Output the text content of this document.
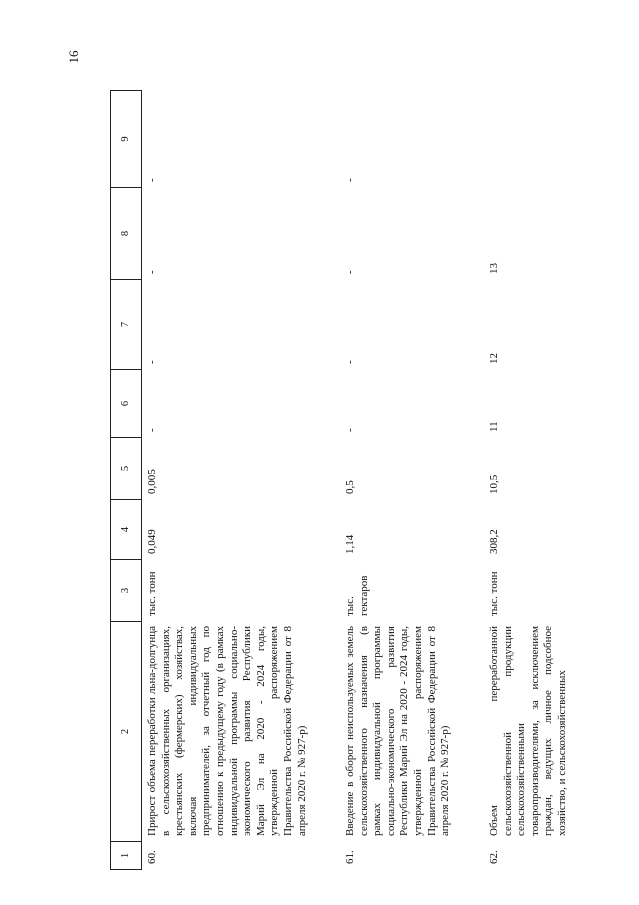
16
1
2
3
4
5
6
7
8
9
60.
Прирост объема переработки льна-долгунца в сельскохозяйственных организациях, крестьянских (фермерских) хозяйствах, включая индивидуальных предпринимателей, за отчетный год по отношению к предыдущему году (в рамках индивидуальной программы социально-экономического развития Республики Марий Эл на 2020 - 2024 годы, утвержденной распоряжением Правительства Российской Федерации от 8 апреля 2020 г. № 927-р)
тыс. тонн
0,049
0,005
-
-
-
-
61.
Введение в оборот неиспользуемых земель сельскохозяйственного назначения (в рамках индивидуальной программы социально-экономического развития Республики Марий Эл на 2020 - 2024 годы, утвержденной распоряжением Правительства Российской Федерации от 8 апреля 2020 г. № 927-р)
тыс. гектаров
1,14
0,5
-
-
-
-
62.
Объем переработанной сельскохозяйственной продукции сельскохозяйственными товаропроизводителями, за исключением граждан, ведущих личное подсобное хозяйство, и сельскохозяйственных
тыс. тонн
308,2
10,5
11
12
13
